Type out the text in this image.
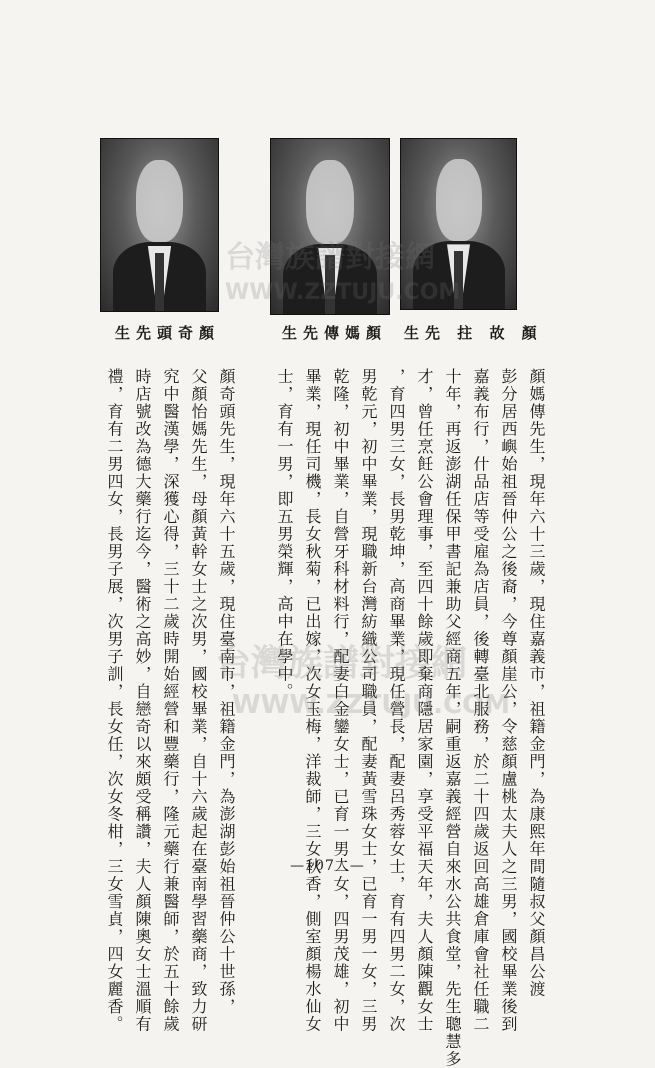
生先頭奇顏	生先傳媽顏 生先 拄 故 顏
顏媽傳先生，現年六十三歲，現住嘉義市，祖籍金門，為康熙年間隨叔父顏昌公渡
彭分居西嶼始祖晉仲公之後裔，今尊顏崖公，令慈顏盧桃太夫人之三男，國校畢業後到
嘉義布行，什品店等受雇為店員，後轉臺北服務，於二十四歲返回高雄倉庫會社任職二
十年，再返澎湖任保甲書記兼助父經商五年，嗣重返嘉義經營自來水公共食堂，先生聰慧多
才，曾任烹飪公會理事，至四十餘歲即棄商隱居家園，享受平福天年，夫人顏陳觀女士
，育四男三女，長男乾坤，高商畢業，現任營長，配妻呂秀蓉女士，育有四男二女，次
男乾元，初中畢業，現職新台灣紡織公司職員，配妻黃雪珠女士，已育一男一女，三男
乾隆，初中畢業，自營牙科材料行，配妻白金鑾女士，已育一男二女，四男茂雄，初中
畢業，現任司機，長女秋菊，已出嫁，次女玉梅，洋裁師，三女秋香，側室顏楊水仙女
士，育有一男，即五男榮輝，高中在學中。
顏奇頭先生，現年六十五歲，現住臺南市，祖籍金門，為澎湖彭始祖晉仲公十世孫，
父顏怡媽先生，母顏黃幹女士之次男，國校畢業，自十六歲起在臺南學習藥商，致力研
究中醫漢學，深獲心得，三十二歲時開始經營和豐藥行，隆元藥行兼醫師，於五十餘歲
時店號改為德大藥行迄今，醫術之高妙，自戀奇以來頗受稱讚，夫人顏陳奧女士溫順有
禮，育有二男四女，長男子展，次男子訓，長女任，次女冬柑，三女雪貞，四女麗香。	—107人—
台灣族譜對接網
WWW.ZZTUJU.COM
台灣族譜對接網
WWW.ZZTUJU.COM
